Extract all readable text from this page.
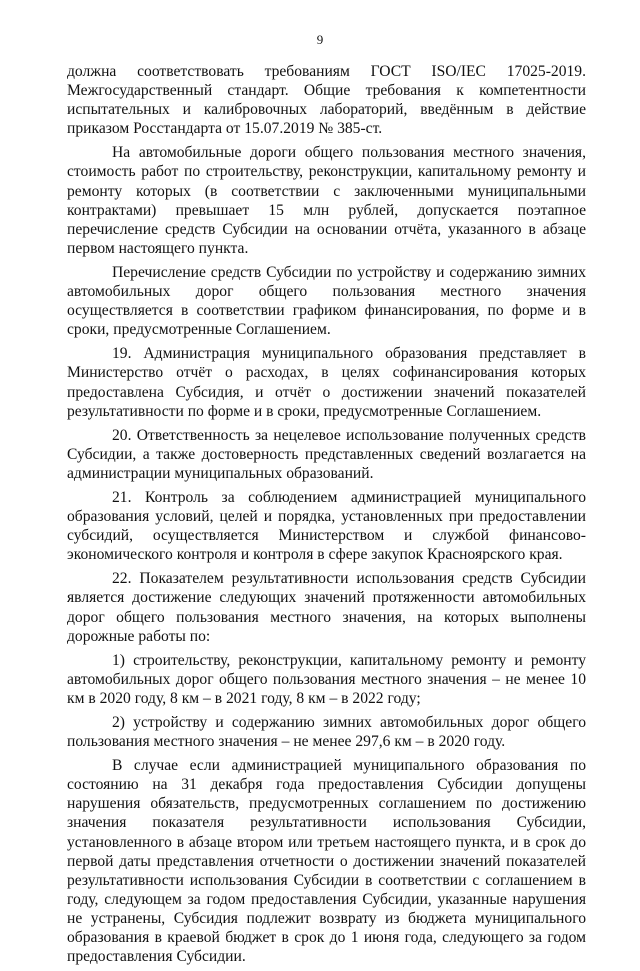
9

должна соответствовать требованиям ГОСТ ISO/IEC 17025-2019. Межгосударственный стандарт. Общие требования к компетентности испытательных и калибровочных лабораторий, введённым в действие приказом Росстандарта от 15.07.2019 № 385-ст.

На автомобильные дороги общего пользования местного значения, стоимость работ по строительству, реконструкции, капитальному ремонту и ремонту которых (в соответствии с заключенными муниципальными контрактами) превышает 15 млн рублей, допускается поэтапное перечисление средств Субсидии на основании отчёта, указанного в абзаце первом настоящего пункта.

Перечисление средств Субсидии по устройству и содержанию зимних автомобильных дорог общего пользования местного значения осуществляется в соответствии графиком финансирования, по форме и в сроки, предусмотренные Соглашением.

19. Администрация муниципального образования представляет в Министерство отчёт о расходах, в целях софинансирования которых предоставлена Субсидия, и отчёт о достижении значений показателей результативности по форме и в сроки, предусмотренные Соглашением.

20. Ответственность за нецелевое использование полученных средств Субсидии, а также достоверность представленных сведений возлагается на администрации муниципальных образований.

21. Контроль за соблюдением администрацией муниципального образования условий, целей и порядка, установленных при предоставлении субсидий, осуществляется Министерством и службой финансово-экономического контроля и контроля в сфере закупок Красноярского края.

22. Показателем результативности использования средств Субсидии является достижение следующих значений протяженности автомобильных дорог общего пользования местного значения, на которых выполнены дорожные работы по:

1) строительству, реконструкции, капитальному ремонту и ремонту автомобильных дорог общего пользования местного значения – не менее 10 км в 2020 году, 8 км – в 2021 году, 8 км – в 2022 году;

2) устройству и содержанию зимних автомобильных дорог общего пользования местного значения – не менее 297,6 км – в 2020 году.

В случае если администрацией муниципального образования по состоянию на 31 декабря года предоставления Субсидии допущены нарушения обязательств, предусмотренных соглашением по достижению значения показателя результативности использования Субсидии, установленного в абзаце втором или третьем настоящего пункта, и в срок до первой даты представления отчетности о достижении значений показателей результативности использования Субсидии в соответствии с соглашением в году, следующем за годом предоставления Субсидии, указанные нарушения не устранены, Субсидия подлежит возврату из бюджета муниципального образования в краевой бюджет в срок до 1 июня года, следующего за годом предоставления Субсидии.
